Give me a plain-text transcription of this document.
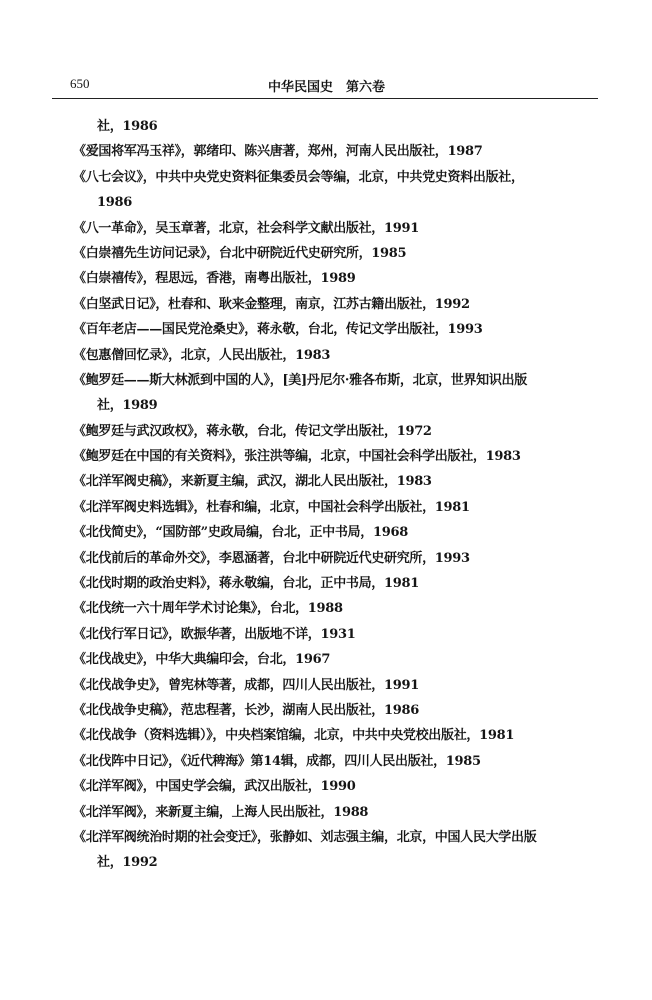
650	中华民国史　第六卷
社，1986
《爱国将军冯玉祥》，郭绪印、陈兴唐著，郑州，河南人民出版社，1987
《八七会议》，中共中央党史资料征集委员会等编，北京，中共党史资料出版社，
1986
《八一革命》，吴玉章著，北京，社会科学文献出版社，1991
《白崇禧先生访问记录》，台北中研院近代史研究所，1985
《白崇禧传》，程思远，香港，南粤出版社，1989
《白坚武日记》，杜春和、耿来金整理，南京，江苏古籍出版社，1992
《百年老店——国民党沧桑史》，蒋永敬，台北，传记文学出版社，1993
《包惠僧回忆录》，北京，人民出版社，1983
《鲍罗廷——斯大林派到中国的人》，[美]丹尼尔·雅各布斯，北京，世界知识出版
社，1989
《鲍罗廷与武汉政权》，蒋永敬，台北，传记文学出版社，1972
《鲍罗廷在中国的有关资料》，张注洪等编，北京，中国社会科学出版社，1983
《北洋军阀史稿》，来新夏主编，武汉，湖北人民出版社，1983
《北洋军阀史料选辑》，杜春和编，北京，中国社会科学出版社，1981
《北伐简史》，“国防部”史政局编，台北，正中书局，1968
《北伐前后的革命外交》，李恩涵著，台北中研院近代史研究所，1993
《北伐时期的政治史料》，蒋永敬编，台北，正中书局，1981
《北伐统一六十周年学术讨论集》，台北，1988
《北伐行军日记》，欧振华著，出版地不详，1931
《北伐战史》，中华大典编印会，台北，1967
《北伐战争史》，曾宪林等著，成都，四川人民出版社，1991
《北伐战争史稿》，范忠程著，长沙，湖南人民出版社，1986
《北伐战争（资料选辑）》，中央档案馆编，北京，中共中央党校出版社，1981
《北伐阵中日记》，《近代稗海》第14辑，成都，四川人民出版社，1985
《北洋军阀》，中国史学会编，武汉出版社，1990
《北洋军阀》，来新夏主编，上海人民出版社，1988
《北洋军阀统治时期的社会变迁》，张静如、刘志强主编，北京，中国人民大学出版
社，1992
